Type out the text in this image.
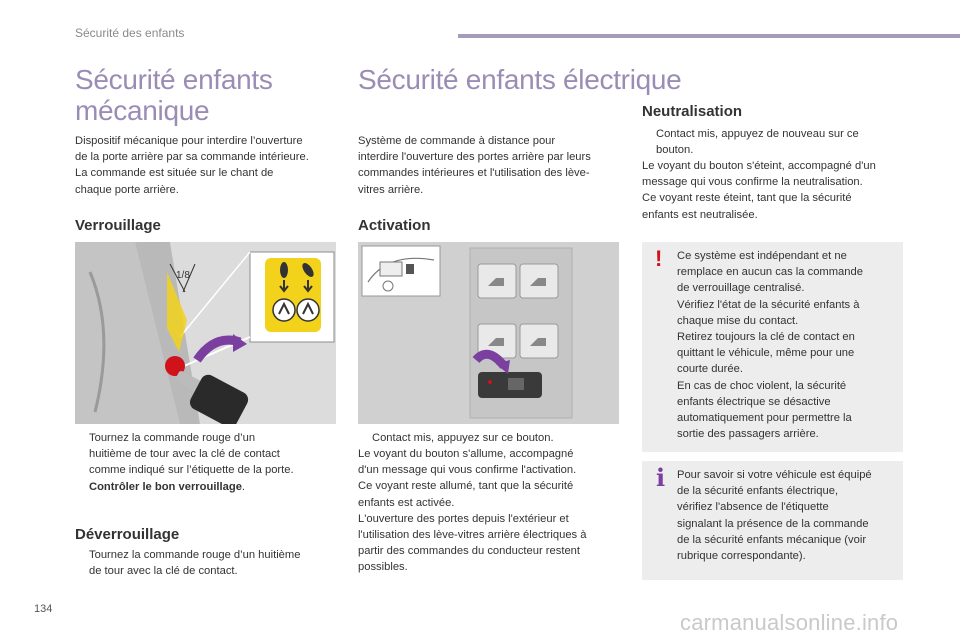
Sécurité des enfants
Sécurité enfants
mécanique
Dispositif mécanique pour interdire l’ouverture
de la porte arrière par sa commande intérieure.
La commande est située sur le chant de
chaque porte arrière.
Verrouillage
1/8
Tournez la commande rouge d’un
huitième de tour avec la clé de contact
comme indiqué sur l’étiquette de la porte.
Contrôler le bon verrouillage.
Déverrouillage
Tournez la commande rouge d’un huitième
de tour avec la clé de contact.
Sécurité enfants électrique
Système de commande à distance pour
interdire l'ouverture des portes arrière par leurs
commandes intérieures et l'utilisation des lève-
vitres arrière.
Activation
Contact mis, appuyez sur ce bouton.
Le voyant du bouton s'allume, accompagné
d'un message qui vous confirme l'activation.
Ce voyant reste allumé, tant que la sécurité
enfants est activée.
L'ouverture des portes depuis l'extérieur et
l'utilisation des lève-vitres arrière électriques à
partir des commandes du conducteur restent
possibles.
Neutralisation
Contact mis, appuyez de nouveau sur ce
bouton.
Le voyant du bouton s'éteint, accompagné d'un
message qui vous confirme la neutralisation.
Ce voyant reste éteint, tant que la sécurité
enfants est neutralisée.
! Ce système est indépendant et ne
remplace en aucun cas la commande
de verrouillage centralisé.
Vérifiez l'état de la sécurité enfants à
chaque mise du contact.
Retirez toujours la clé de contact en
quittant le véhicule, même pour une
courte durée.
En cas de choc violent, la sécurité
enfants électrique se désactive
automatiquement pour permettre la
sortie des passagers arrière.
i Pour savoir si votre véhicule est équipé
de la sécurité enfants électrique,
vérifiez l'absence de l'étiquette
signalant la présence de la commande
de la sécurité enfants mécanique (voir
rubrique correspondante).
134
carmanualsonline.info
